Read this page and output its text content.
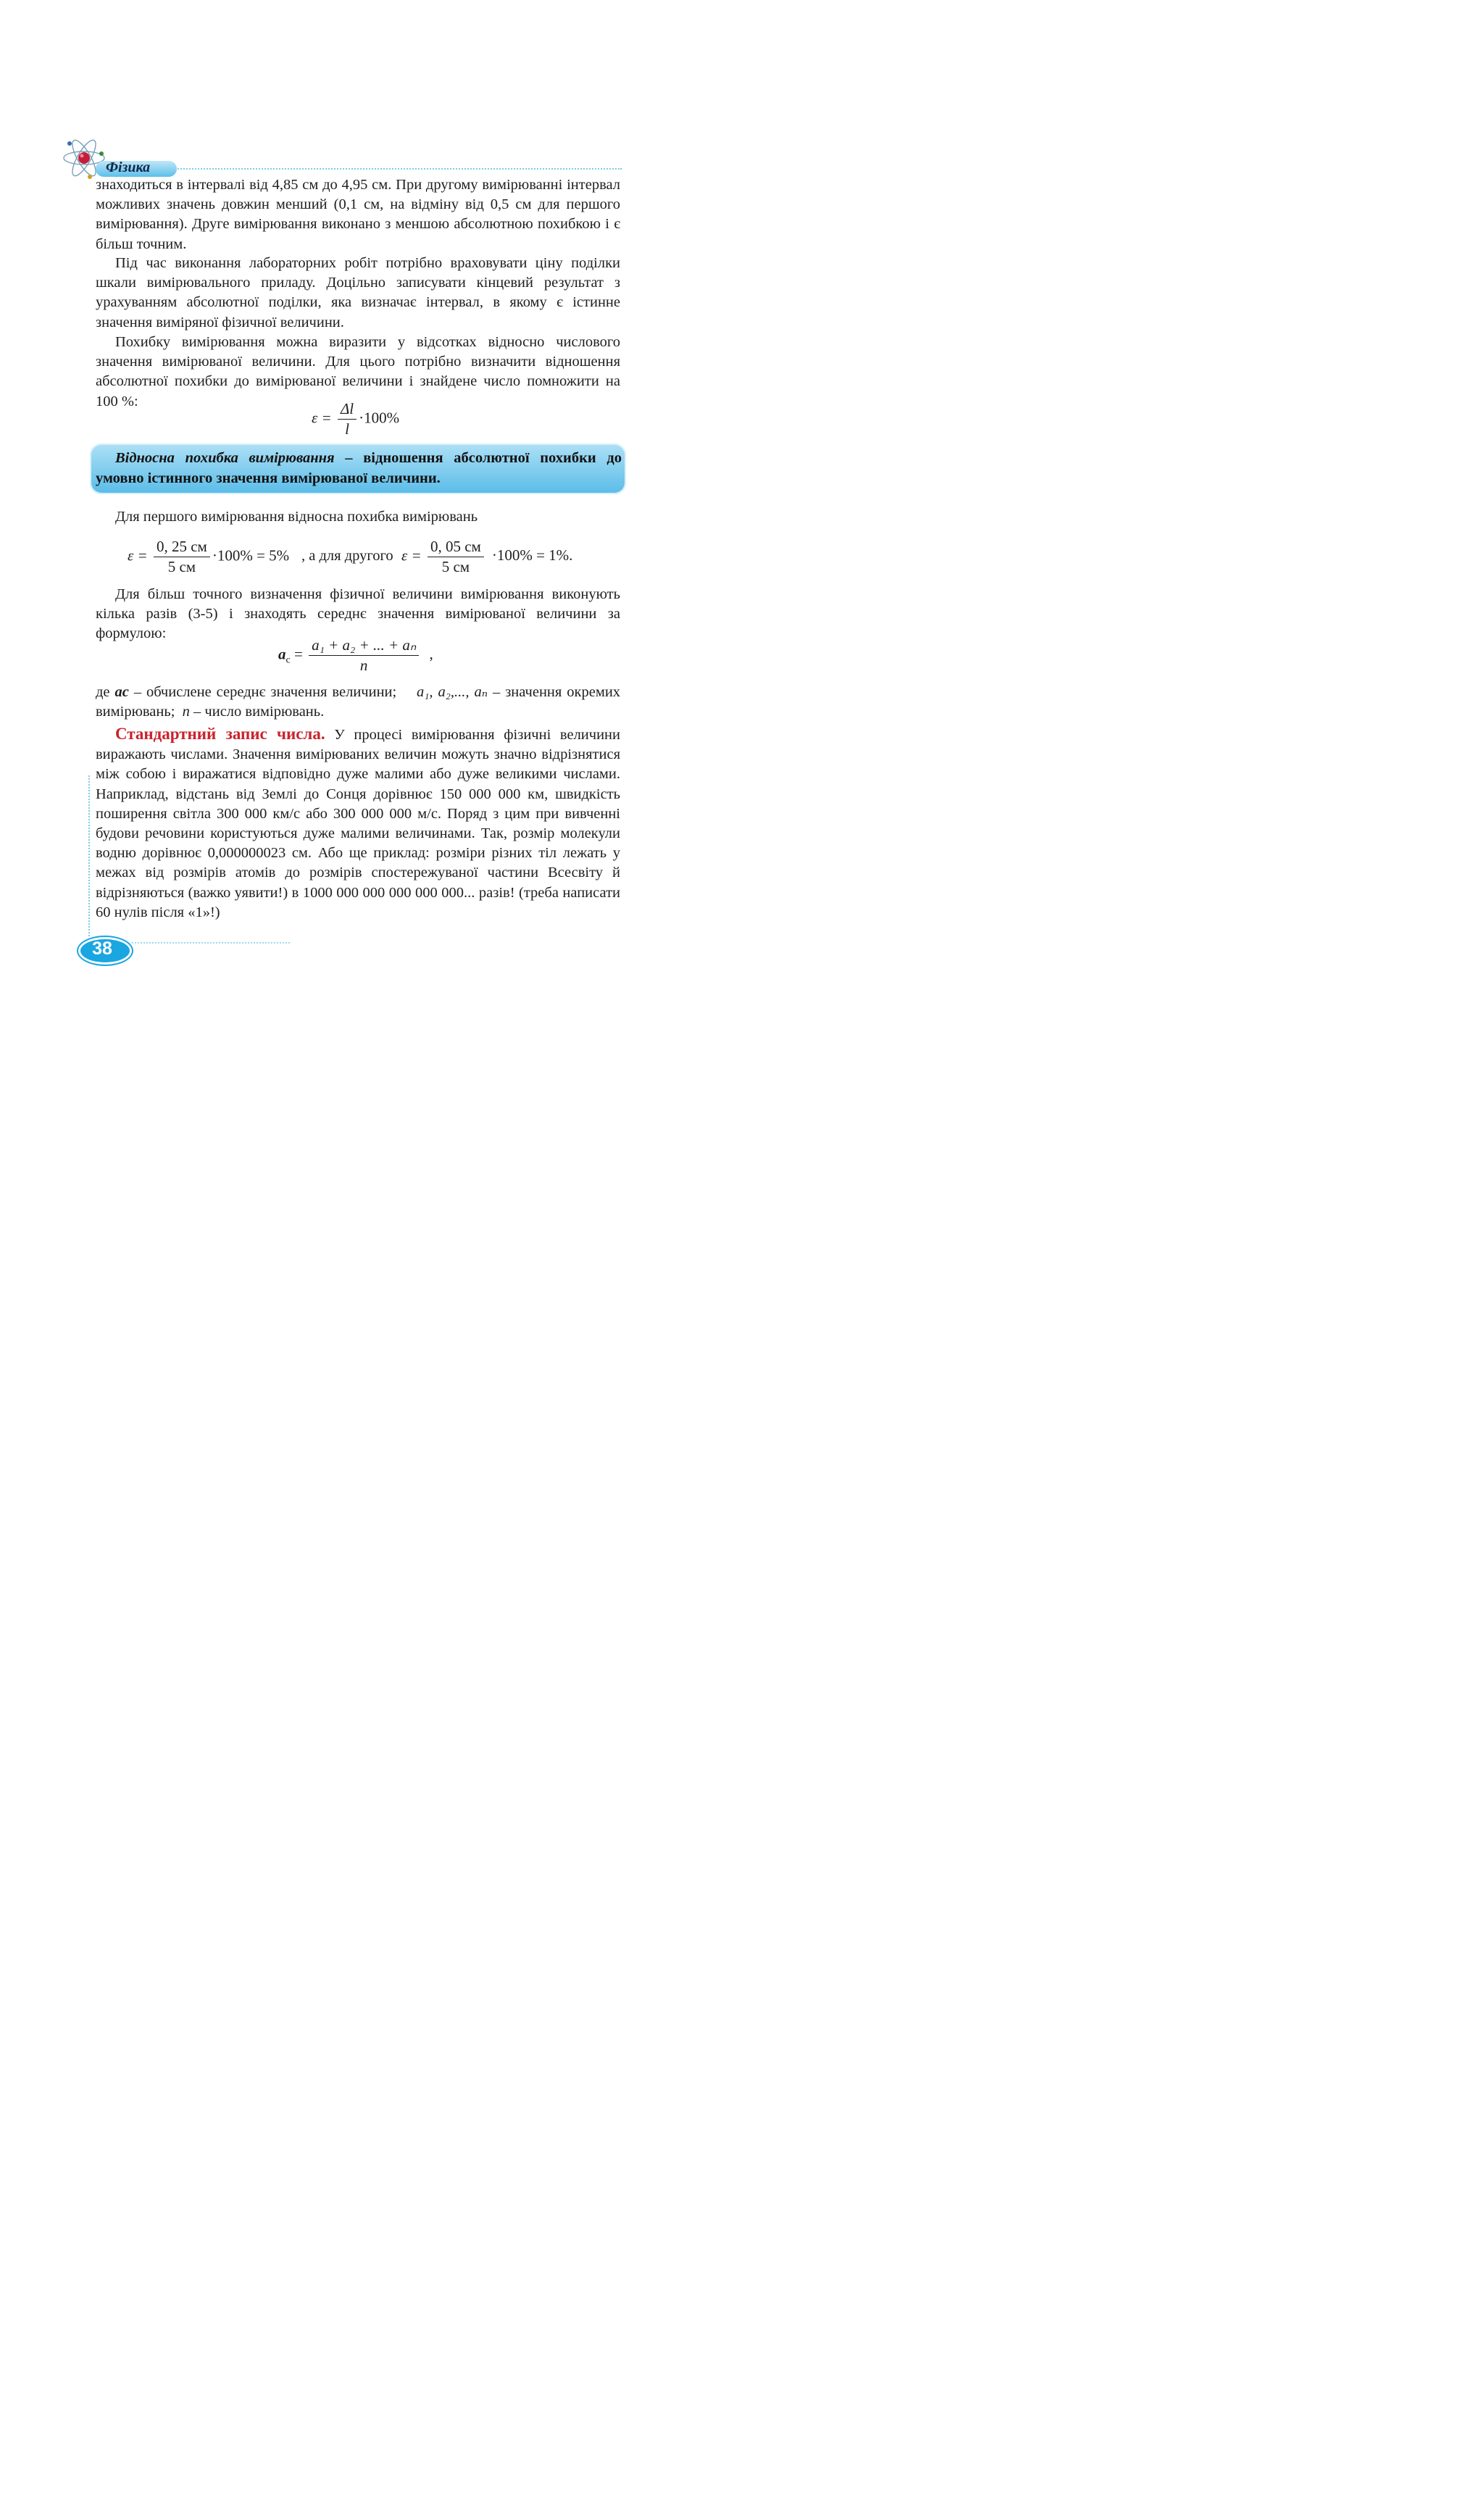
Фізика

знаходиться в інтервалі від 4,85 см до 4,95 см. При другому вимірюванні інтервал можливих значень довжин менший (0,1 см, на відміну від 0,5 см для першого вимірювання). Друге вимірювання виконано з меншою абсолютною похибкою і є більш точним.

Під час виконання лабораторних робіт потрібно враховувати ціну поділки шкали вимірювального приладу. Доцільно записувати кінцевий результат з урахуванням абсолютної поділки, яка визначає інтервал, в якому є істинне значення виміряної фізичної величини.

Похибку вимірювання можна виразити у відсотках відносно числового значення вимірюваної величини. Для цього потрібно визначити відношення абсолютної похибки до вимірюваної величини і знайдене число помножити на 100 %:

$\varepsilon = \frac{\Delta l}{l} \cdot 100\%$
Відносна похибка вимірювання – відношення абсолютної похибки до умовно істинного значення вимірюваної величини.

Для першого вимірювання відносна похибка вимірювань

$\varepsilon = \frac{0, 25 см}{5 см} \cdot 100\% = 5\%$ , а для другого $\varepsilon = \frac{0, 05 см}{5 см} \cdot 100\% = 1\%$.

Для більш точного визначення фізичної величини вимірювання виконують кілька разів (3-5) і знаходять середнє значення вимірюваної величини за формулою:

$a_c = \frac{\text{a₁ + a₂ + ... + aₙ}}{n}$ ,

де aс – обчислене середнє значення величини; a₁, a₂,..., aₙ – значення окремих вимірювань; n – число вимірювань.

Стандартний запис числа. У процесі вимірювання фізичні величини виражають числами. Значення вимірюваних величин можуть значно відрізнятися між собою і виражатися відповідно дуже малими або дуже великими числами. Наприклад, відстань від Землі до Сонця дорівнює 150 000 000 км, швидкість поширення світла 300 000 км/с або 300 000 000 м/с. Поряд з цим при вивченні будови речовини користуються дуже малими величинами. Так, розмір молекули водню дорівнює 0,000000023 см. Або ще приклад: розміри різних тіл лежать у межах від розмірів атомів до розмірів спостережуваної частини Всесвіту й відрізняються (важко уявити!) в 1000 000 000 000 000 000... разів! (треба написати 60 нулів після «1»!)

38
